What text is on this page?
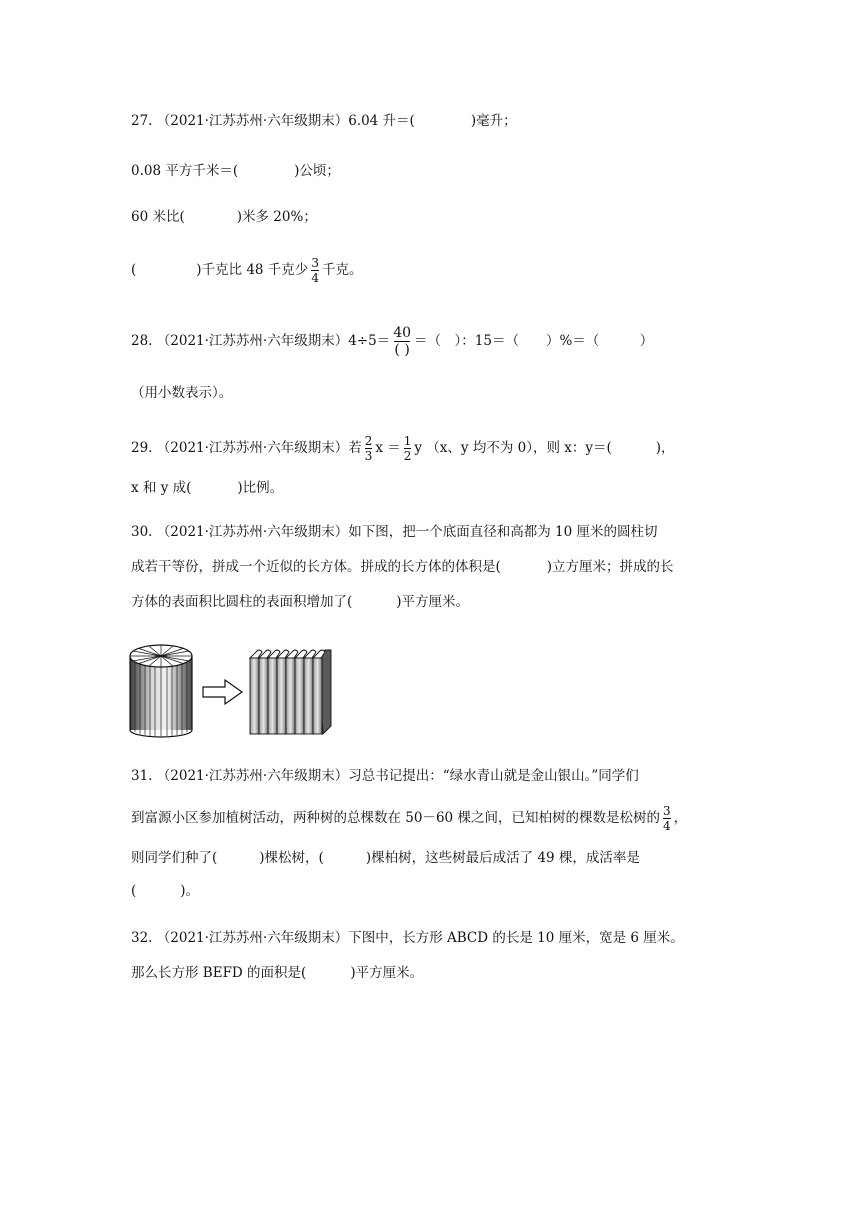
27. （2021·江苏苏州·六年级期末）6.04 升＝(	)毫升；
0.08 平方千米＝(	)公顷；
60 米比(	)米多 20%；
(	)千克比 48 千克少 $\frac{3}{4}$ 千克。
28. （2021·江苏苏州·六年级期末）$4\div 5= \frac{40}{( )}$ ＝（　）：15＝（　　）%＝（　　　）
（用小数表示）。
29. （2021·江苏苏州·六年级期末）若 $\frac{2}{3}$ $x = \frac{1}{2}$ y （x、y 均不为 0），则 x：y＝(	)，
x 和 y 成(	)比例。
30. （2021·江苏苏州·六年级期末）如下图，把一个底面直径和高都为 10 厘米的圆柱切
成若干等份，拼成一个近似的长方体。拼成的长方体的体积是(	)立方厘米；拼成的长
方体的表面积比圆柱的表面积增加了(	)平方厘米。
31. （2021·江苏苏州·六年级期末）习总书记提出：“绿水青山就是金山银山。”同学们
到富源小区参加植树活动，两种树的总棵数在 50－60 棵之间，已知柏树的棵数是松树的 $\frac{3}{4}$ ，
则同学们种了(	)棵松树，(	)棵柏树，这些树最后成活了 49 棵，成活率是
(	)。
32. （2021·江苏苏州·六年级期末）下图中，长方形 ABCD 的长是 10 厘米，宽是 6 厘米。
那么长方形 BEFD 的面积是(	)平方厘米。
